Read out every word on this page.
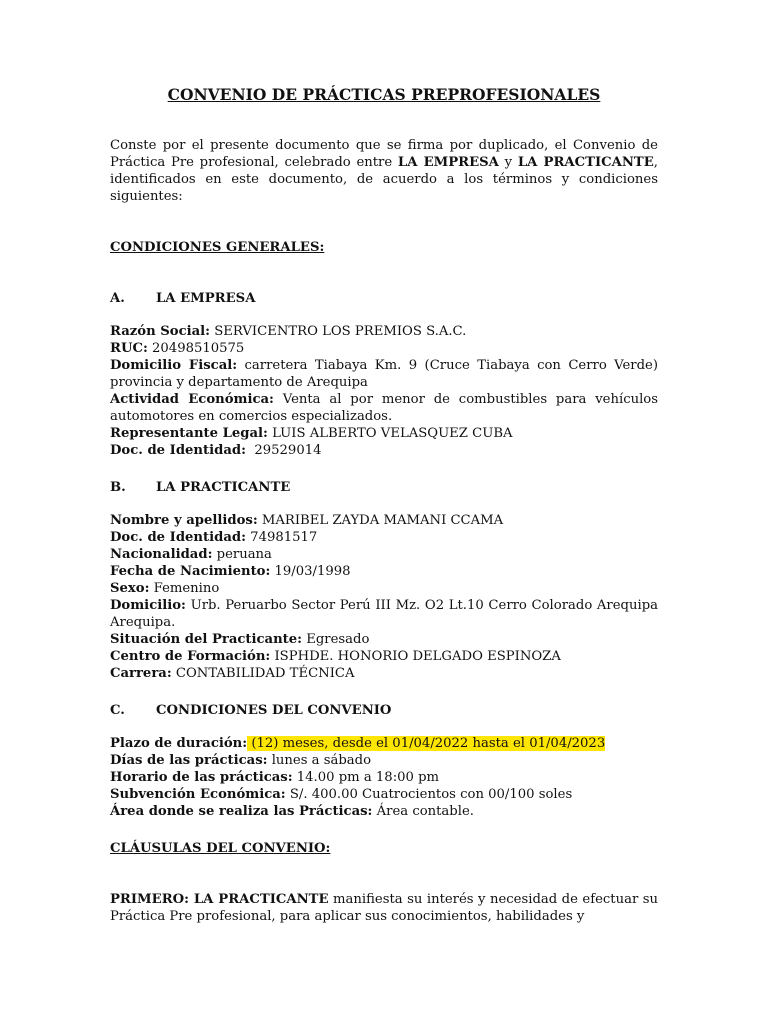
CONVENIO DE PRÁCTICAS PREPROFESIONALES

Conste por el presente documento que se firma por duplicado, el Convenio de Práctica Pre profesional, celebrado entre LA EMPRESA y LA PRACTICANTE, identificados en este documento, de acuerdo a los términos y condiciones siguientes:

CONDICIONES GENERALES:

A.	LA EMPRESA

Razón Social: SERVICENTRO LOS PREMIOS S.A.C.

RUC: 20498510575

Domicilio Fiscal: carretera Tiabaya Km. 9 (Cruce Tiabaya con Cerro Verde) provincia y departamento de Arequipa

Actividad Económica: Venta al por menor de combustibles para vehículos automotores en comercios especializados.

Representante Legal: LUIS ALBERTO VELASQUEZ CUBA

Doc. de Identidad:  29529014

B.	LA PRACTICANTE

Nombre y apellidos: MARIBEL ZAYDA MAMANI CCAMA

Doc. de Identidad: 74981517

Nacionalidad: peruana

Fecha de Nacimiento: 19/03/1998

Sexo: Femenino

Domicilio: Urb. Peruarbo Sector Perú III Mz. O2 Lt.10 Cerro Colorado Arequipa Arequipa.

Situación del Practicante: Egresado

Centro de Formación: ISPHDE. HONORIO DELGADO ESPINOZA

Carrera: CONTABILIDAD TÉCNICA

C.	CONDICIONES DEL CONVENIO

Plazo de duración: (12) meses, desde el 01/04/2022 hasta el 01/04/2023

Días de las prácticas: lunes a sábado

Horario de las prácticas: 14.00 pm a 18:00 pm

Subvención Económica: S/. 400.00 Cuatrocientos con 00/100 soles

Área donde se realiza las Prácticas: Área contable.

CLÁUSULAS DEL CONVENIO:

PRIMERO: LA PRACTICANTE manifiesta su interés y necesidad de efectuar su Práctica Pre profesional, para aplicar sus conocimientos, habilidades y
